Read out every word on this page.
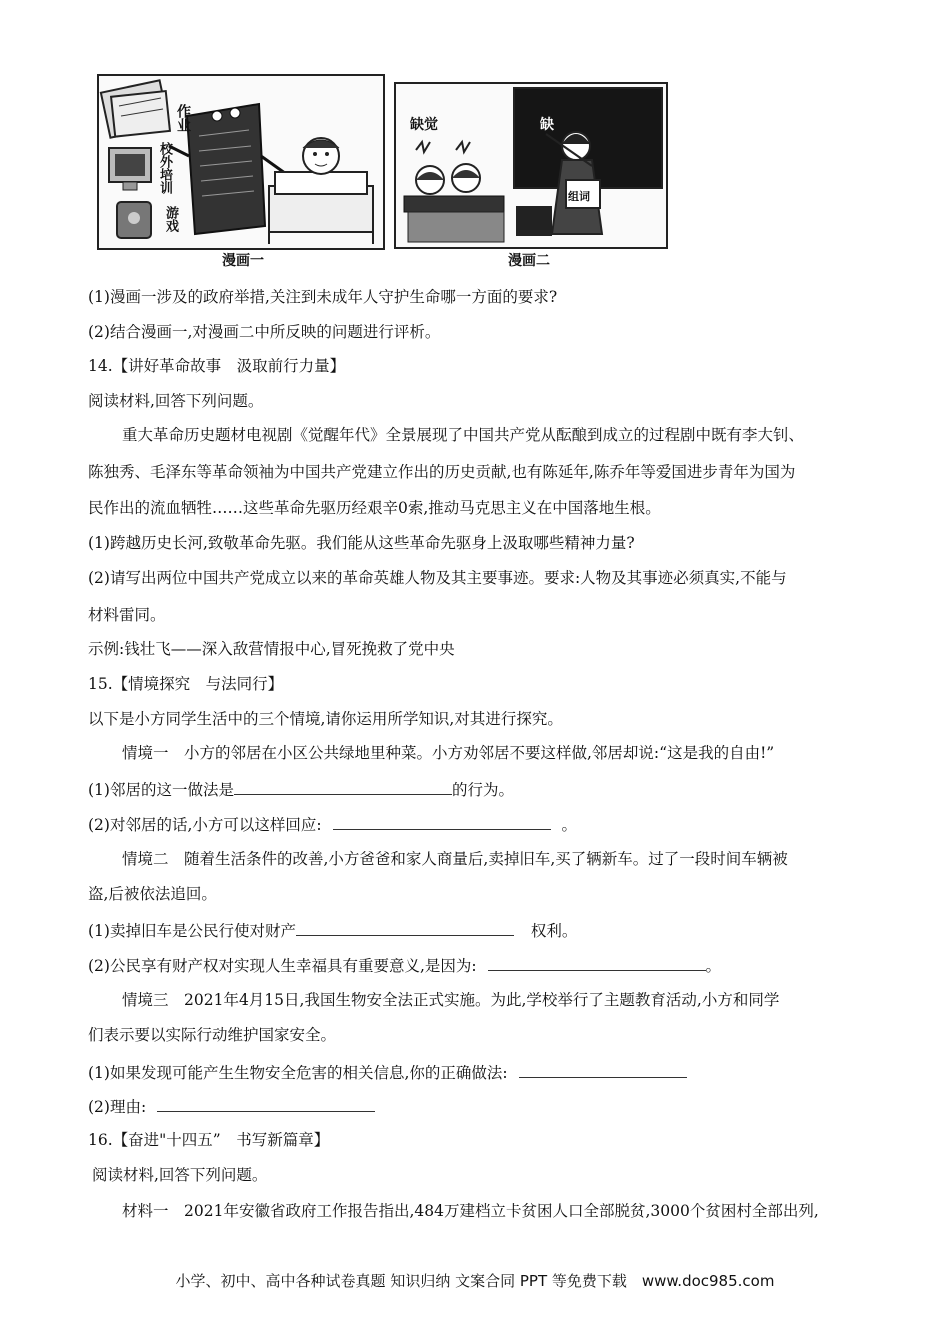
作业
校外培训
游戏
漫画一
缺觉	缺
组词
漫画二
(1)漫画一涉及的政府举措,关注到未成年人守护生命哪一方面的要求?
(2)结合漫画一,对漫画二中所反映的问题进行评析。
14.【讲好革命故事　汲取前行力量】
阅读材料,回答下列问题。
重大革命历史题材电视剧《觉醒年代》全景展现了中国共产党从酝酿到成立的过程剧中既有李大钊、
陈独秀、毛泽东等革命领袖为中国共产党建立作出的历史贡献,也有陈延年,陈乔年等爱国进步青年为国为
民作出的流血牺牲……这些革命先驱历经艰辛0索,推动马克思主义在中国落地生根。
(1)跨越历史长河,致敬革命先驱。我们能从这些革命先驱身上汲取哪些精神力量?
(2)请写出两位中国共产党成立以来的革命英雄人物及其主要事迹。要求:人物及其事迹必须真实,不能与
材料雷同。
示例:钱壮飞——深入敌营情报中心,冒死挽救了党中央
15.【情境探究　与法同行】
以下是小方同学生活中的三个情境,请你运用所学知识,对其进行探究。
情境一　小方的邻居在小区公共绿地里种菜。小方劝邻居不要这样做,邻居却说:“这是我的自由!”
(1)邻居的这一做法是	的行为。
(2)对邻居的话,小方可以这样回应:	。
情境二　随着生活条件的改善,小方爸爸和家人商量后,卖掉旧车,买了辆新车。过了一段时间车辆被
盗,后被依法追回。
(1)卖掉旧车是公民行使对财产	权利。
(2)公民享有财产权对实现人生幸福具有重要意义,是因为:	。
情境三　2021年4月15日,我国生物安全法正式实施。为此,学校举行了主题教育活动,小方和同学
们表示要以实际行动维护国家安全。
(1)如果发现可能产生生物安全危害的相关信息,你的正确做法:
(2)理由:
16.【奋进"十四五”　书写新篇章】
阅读材料,回答下列问题。
材料一　2021年安徽省政府工作报告指出,484万建档立卡贫困人口全部脱贫,3000个贫困村全部出列,
小学、初中、高中各种试卷真题 知识归纳 文案合同 PPT 等免费下载　www.doc985.com
